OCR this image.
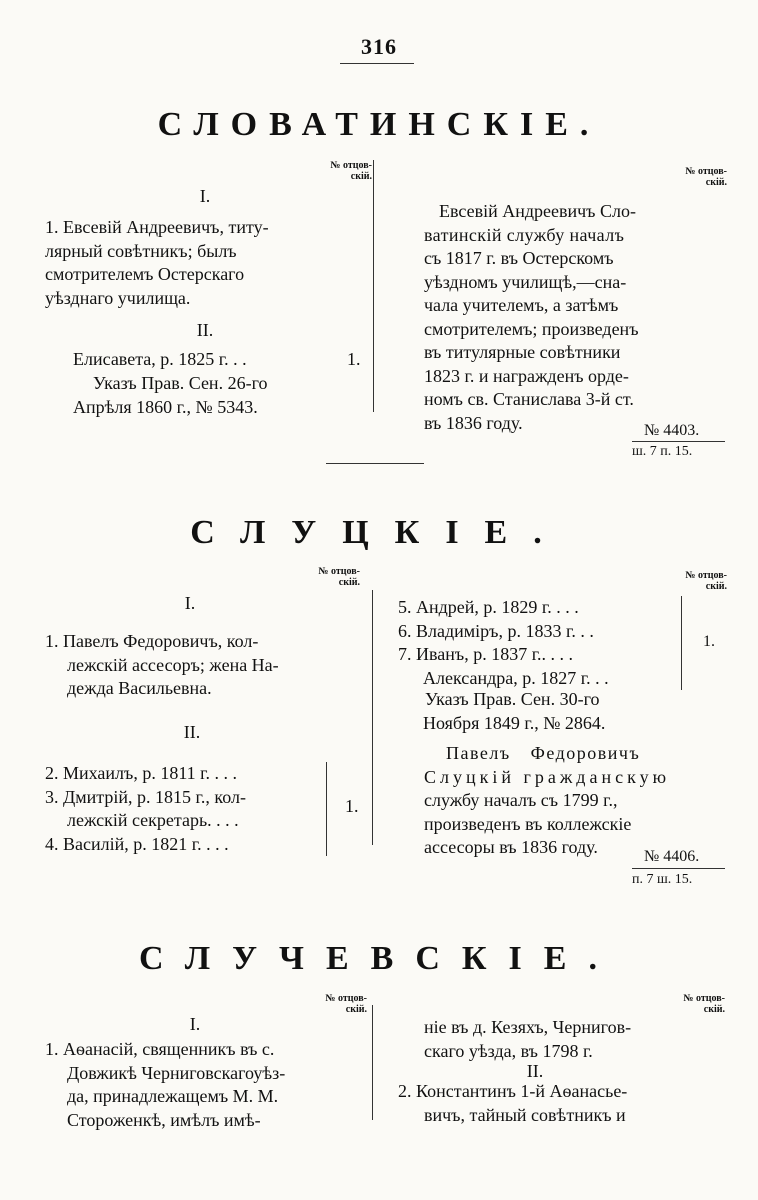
316
СЛОВАТИНСКІЕ.
№ отцов-
скій.	№ отцов-
скій.
I.
1. Евсевій Андреевичъ, титу-
лярный совѣтникъ; былъ
смотрителемъ Остерскаго
уѣзднаго училища.
II.
Елисавета, р. 1825 г. . .	1.
Указъ Прав. Сен. 26-го
Апрѣля 1860 г., № 5343.
Евсевій Андреевичъ Сло-
ватинскій службу началъ
съ 1817 г. въ Остерскомъ
уѣздномъ училищѣ,—сна-
чала учителемъ, а затѣмъ
смотрителемъ; произведенъ
въ титулярные совѣтники
1823 г. и награжденъ орде-
номъ св. Станислава 3-й ст.
въ 1836 году.	№ 4403.
ш. 7 п. 15.
СЛУЦКІЕ.
№ отцов-
скій.
№ отцов-
скій.
I.
1. Павелъ Федоровичъ, кол-
лежскій ассесоръ; жена На-
дежда Васильевна.
II.
2. Михаилъ, р. 1811 г. . . .
3. Дмитрій, р. 1815 г., кол-
лежскій секретарь. . . .
4. Василій, р. 1821 г. . . .
1.
5. Андрей, р. 1829 г. . . .
6. Владиміръ, р. 1833 г. . .
7. Иванъ, р. 1837 г.. . . .
Александра, р. 1827 г. . .
1.
Указъ Прав. Сен. 30-го
Ноября 1849 г., № 2864.
Павелъ Федоровичъ
Слуцкій гражданскую
службу началъ съ 1799 г.,
произведенъ въ коллежскіе
ассесоры въ 1836 году.	№ 4406.
п. 7 ш. 15.
СЛУЧЕВСКІЕ.
№ отцов-
скій.
№ отцов-
скій.
I.
1. Аѳанасій, священникъ въ с.
Довжикѣ Черниговскагоуѣз-
да, принадлежащемъ М. М.
Стороженкѣ, имѣлъ имѣ-
ніе въ д. Кезяхъ, Чернигов-
скаго уѣзда, въ 1798 г.
II.
2. Константинъ 1-й Аѳанасье-
вичъ, тайный совѣтникъ и
